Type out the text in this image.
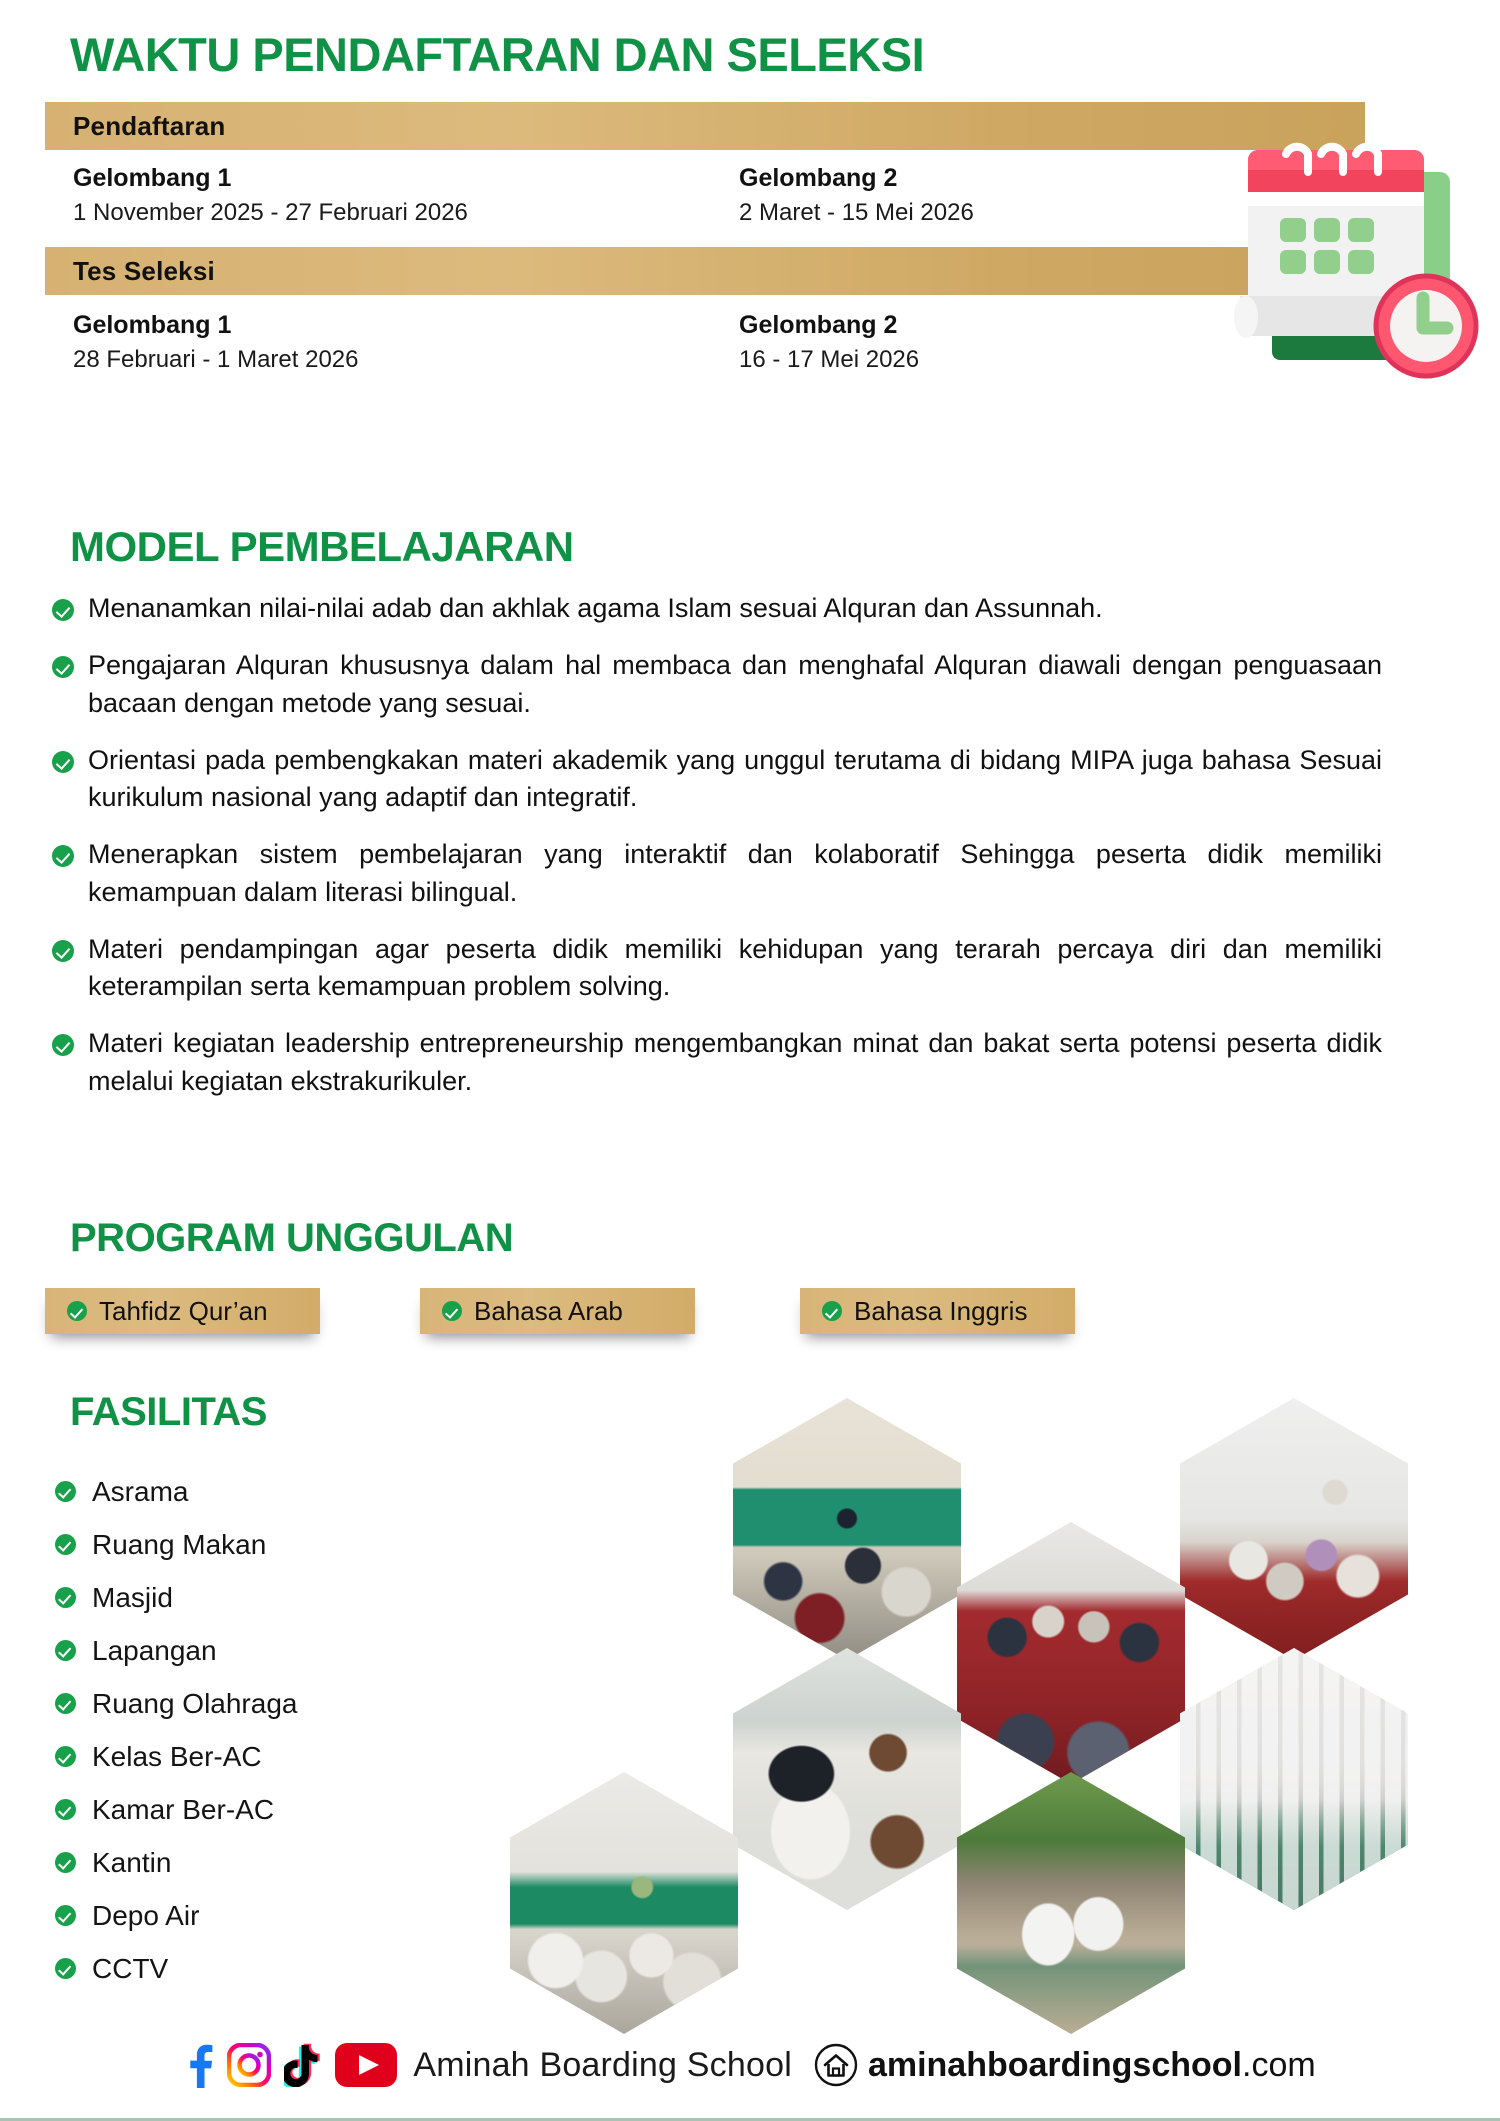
WAKTU PENDAFTARAN DAN SELEKSI
Pendaftaran
Gelombang 1
1 November 2025 - 27 Februari 2026
Gelombang 2
2 Maret - 15 Mei 2026
Tes Seleksi
Gelombang 1
28 Februari - 1 Maret 2026
Gelombang 2
16 - 17 Mei 2026
MODEL PEMBELAJARAN
Menanamkan nilai-nilai adab dan akhlak agama Islam sesuai Alquran dan Assunnah.
Pengajaran Alquran khususnya dalam hal membaca dan menghafal Alquran diawali dengan penguasaan bacaan dengan metode yang sesuai.
Orientasi pada pembengkakan materi akademik yang unggul terutama di bidang MIPA juga bahasa Sesuai kurikulum nasional yang adaptif dan integratif.
Menerapkan sistem pembelajaran yang interaktif dan kolaboratif Sehingga peserta didik memiliki kemampuan dalam literasi bilingual.
Materi pendampingan agar peserta didik memiliki kehidupan yang terarah percaya diri dan memiliki keterampilan serta kemampuan problem solving.
Materi kegiatan leadership entrepreneurship mengembangkan minat dan bakat serta potensi peserta didik melalui kegiatan ekstrakurikuler.
PROGRAM UNGGULAN
Tahfidz Qur’an	Bahasa Arab	Bahasa Inggris
FASILITAS
Asrama
Ruang Makan
Masjid
Lapangan
Ruang Olahraga
Kelas Ber-AC
Kamar Ber-AC
Kantin
Depo Air
CCTV
Aminah Boarding School aminahboardingschool.com
